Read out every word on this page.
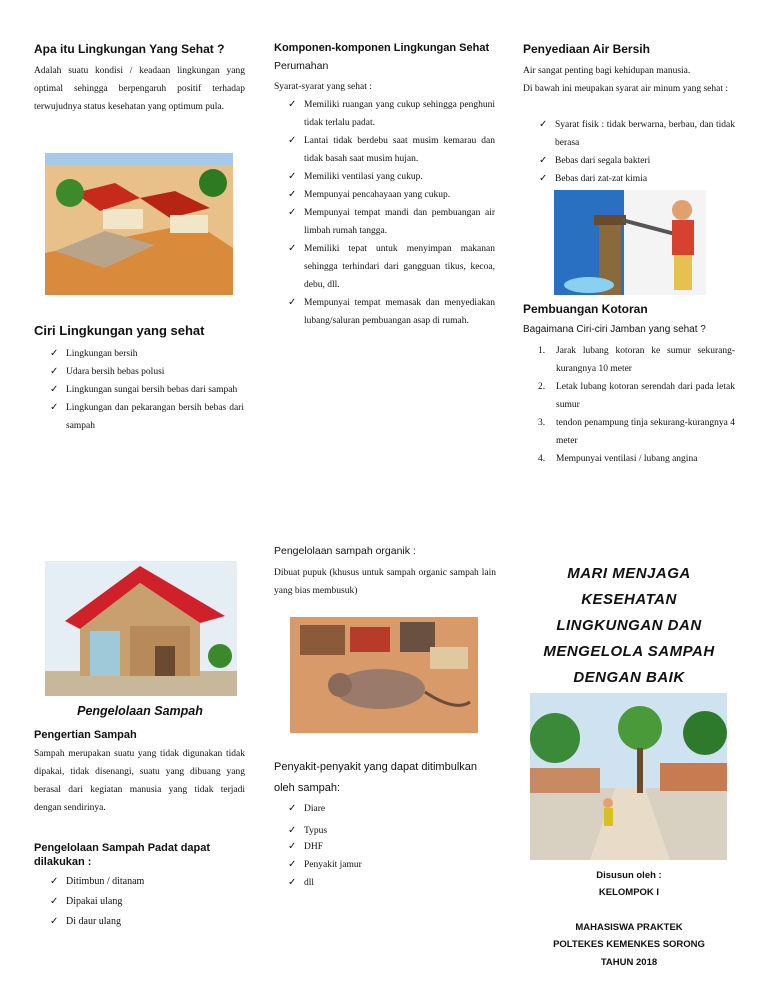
Apa itu Lingkungan Yang Sehat ?
Adalah suatu kondisi / keadaan lingkungan yang optimal sehingga berpengaruh positif terhadap terwujudnya status kesehatan yang optimum pula.
Ciri Lingkungan yang sehat
✓ Lingkungan bersih
✓ Udara bersih bebas polusi
✓ Lingkungan sungai bersih bebas dari sampah
✓ Lingkungan dan pekarangan bersih bebas dari sampah
Pengelolaan Sampah
Pengertian Sampah
Sampah merupakan suatu yang tidak digunakan tidak dipakai, tidak disenangi, suatu yang dibuang yang berasal dari kegiatan manusia yang tidak terjadi dengan sendirinya.
Pengelolaan Sampah Padat dapat dilakukan :
✓ Ditimbun / ditanam
✓ Dipakai ulang
✓ Di daur ulang
Komponen-komponen Lingkungan Sehat
Perumahan
Syarat-syarat yang sehat :
✓ Memiliki ruangan yang cukup sehingga penghuni tidak terlalu padat.
✓ Lantai tidak berdebu saat musim kemarau dan tidak basah saat musim hujan.
✓ Memiliki ventilasi yang cukup.
✓ Mempunyai pencahayaan yang cukup.
✓ Mempunyai tempat mandi dan pembuangan air limbah rumah tangga.
✓ Memiliki tepat untuk menyimpan makanan sehingga terhindari dari gangguan tikus, kecoa, debu, dll.
✓ Mempunyai tempat memasak dan menyediakan lubang/saluran pembuangan asap di rumah.
Pengelolaan sampah organik :
Dibuat pupuk (khusus untuk sampah organic sampah lain yang bias membusuk)
Penyakit-penyakit yang dapat ditimbulkan oleh sampah:
✓ Diare
✓ Typus
✓ DHF
✓ Penyakit jamur
✓ dll
Penyediaan Air Bersih
Air sangat penting bagi kehidupan manusia.
Di bawah ini meupakan syarat air minum yang sehat :
✓ Syarat fisik : tidak berwarna, berbau, dan tidak berasa
✓ Bebas dari segala bakteri
✓ Bebas dari zat-zat kimia
Pembuangan Kotoran
Bagaimana Ciri-ciri Jamban yang sehat ?
1. Jarak lubang kotoran ke sumur sekurang-kurangnya 10 meter
2. Letak lubang kotoran serendah dari pada letak sumur
3. tendon penampung tinja sekurang-kurangnya 4 meter
4. Mempunyai ventilasi / lubang angina
MARI MENJAGA
KESEHATAN
LINGKUNGAN DAN
MENGELOLA SAMPAH
DENGAN BAIK
Disusun oleh :
KELOMPOK I
MAHASISWA PRAKTEK
POLTEKES KEMENKES SORONG
TAHUN 2018
